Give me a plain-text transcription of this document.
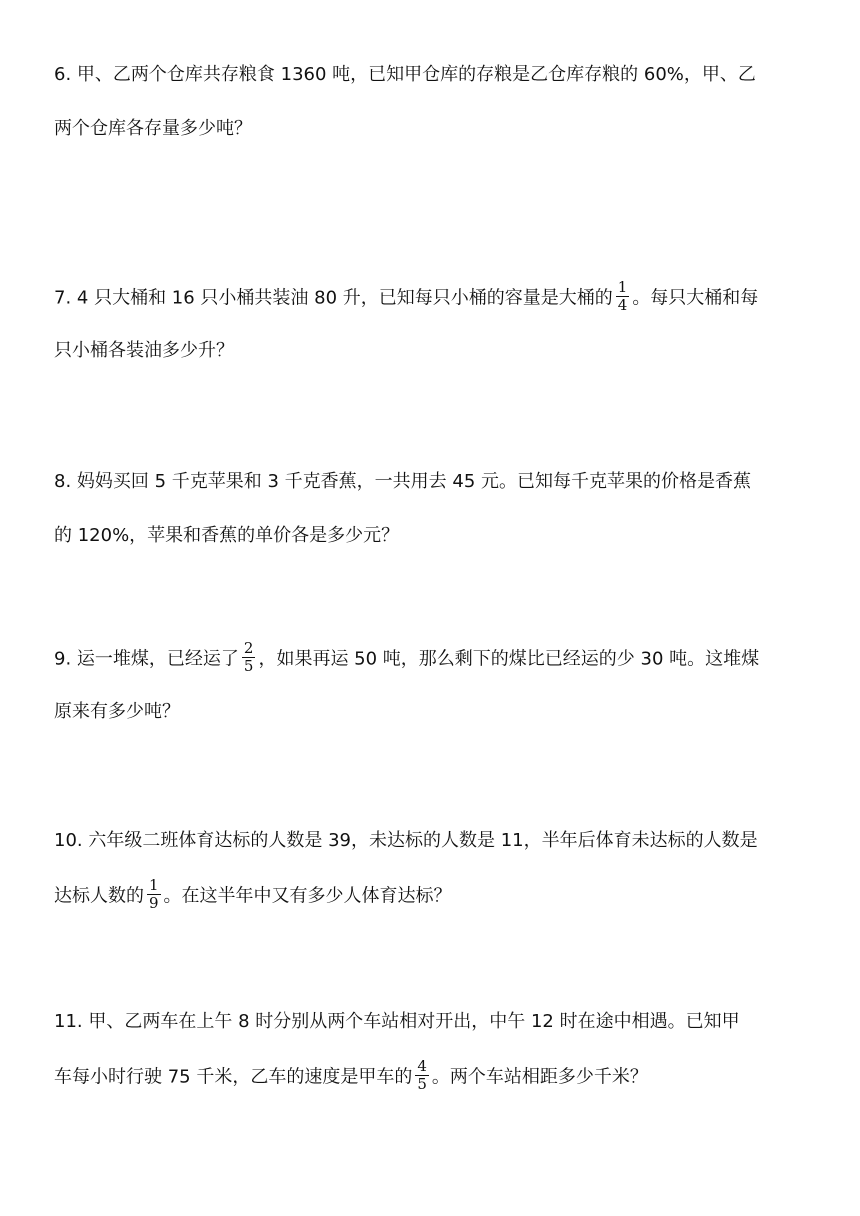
6. 甲、乙两个仓库共存粮食 1360 吨，已知甲仓库的存粮是乙仓库存粮的 60%，甲、乙
两个仓库各存量多少吨？
7. 4 只大桶和 16 只小桶共装油 80 升，已知每只小桶的容量是大桶的 $\frac{1}{4}$ 。每只大桶和每
只小桶各装油多少升？
8. 妈妈买回 5 千克苹果和 3 千克香蕉，一共用去 45 元。已知每千克苹果的价格是香蕉
的 120%，苹果和香蕉的单价各是多少元？
9. 运一堆煤，已经运了 $\frac{2}{5}$ ，如果再运 50 吨，那么剩下的煤比已经运的少 30 吨。这堆煤
原来有多少吨？
10. 六年级二班体育达标的人数是 39，未达标的人数是 11，半年后体育未达标的人数是
达标人数的 $\frac{1}{9}$ 。在这半年中又有多少人体育达标？
11. 甲、乙两车在上午 8 时分别从两个车站相对开出，中午 12 时在途中相遇。已知甲
车每小时行驶 75 千米，乙车的速度是甲车的 $\frac{4}{5}$ 。两个车站相距多少千米？
